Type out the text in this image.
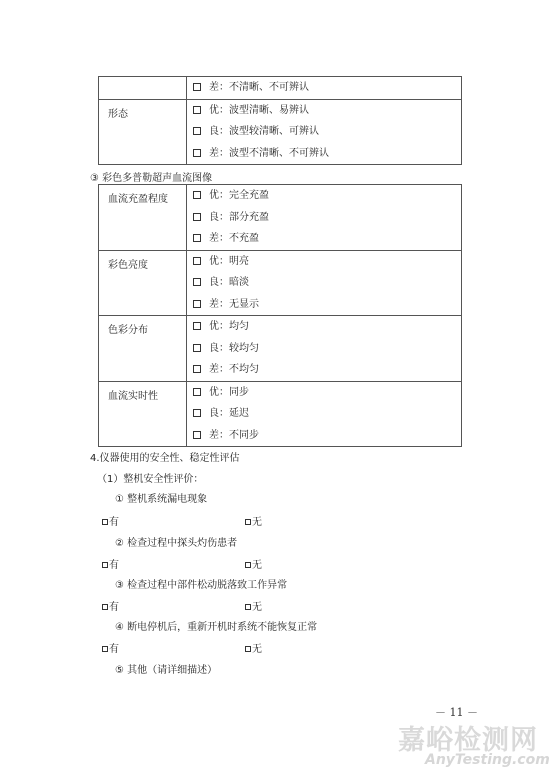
	差：不清晰、不可辨认

形态	优：波型清晰、易辨认
良：波型较清晰、可辨认
差：波型不清晰、不可辨认
③ 彩色多普勒超声血流图像
血流充盈程度	优：完全充盈
良：部分充盈
差：不充盈

彩色亮度	优：明亮
良：暗淡
差：无显示

色彩分布	优：均匀
良：较均匀
差：不均匀

血流实时性	优：同步
良：延迟
差：不同步
4.仪器使用的安全性、稳定性评估
（1）整机安全性评价：
① 整机系统漏电现象
有	无
② 检查过程中探头灼伤患者
有	无
③ 检查过程中部件松动脱落致工作异常
有	无
④ 断电停机后，重新开机时系统不能恢复正常
有	无
⑤ 其他（请详细描述）
－ 11 －
嘉峪检测网
AnyTesting.com
